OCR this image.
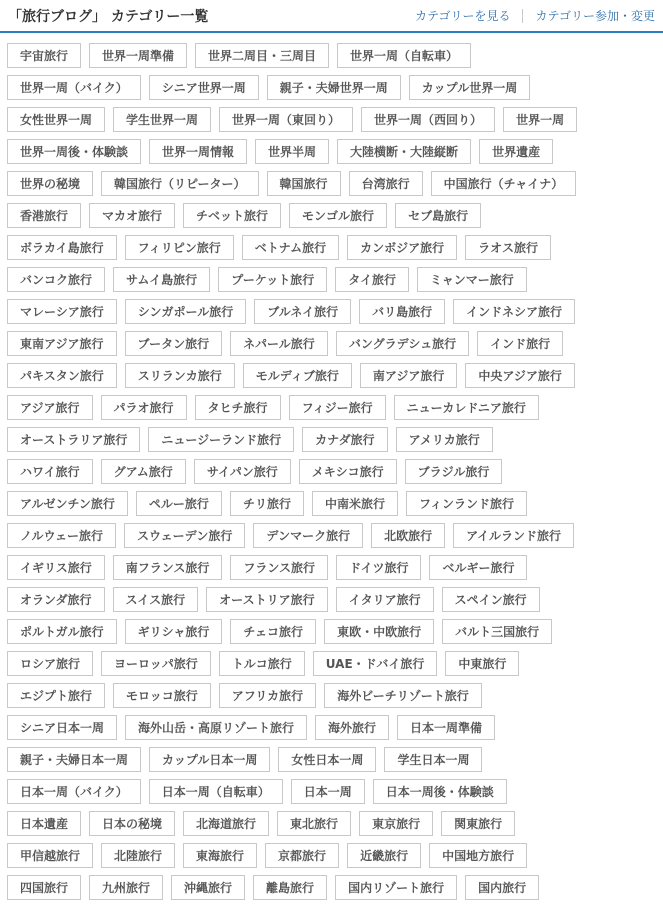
「旅行ブログ」 カテゴリー一覧	カテゴリーを見る カテゴリー参加・変更
宇宙旅行	世界一周準備	世界二周目・三周目	世界一周（自転車）
世界一周（バイク）	シニア世界一周	親子・夫婦世界一周	カップル世界一周
女性世界一周	学生世界一周	世界一周（東回り）	世界一周（西回り）	世界一周
世界一周後・体験談	世界一周情報	世界半周	大陸横断・大陸縦断	世界遺産
世界の秘境	韓国旅行（リピーター）	韓国旅行	台湾旅行	中国旅行（チャイナ）
香港旅行	マカオ旅行	チベット旅行	モンゴル旅行	セブ島旅行
ボラカイ島旅行	フィリピン旅行	ベトナム旅行	カンボジア旅行	ラオス旅行
バンコク旅行	サムイ島旅行	プーケット旅行	タイ旅行	ミャンマー旅行
マレーシア旅行	シンガポール旅行	ブルネイ旅行	バリ島旅行	インドネシア旅行
東南アジア旅行	ブータン旅行	ネパール旅行	バングラデシュ旅行	インド旅行
パキスタン旅行	スリランカ旅行	モルディブ旅行	南アジア旅行	中央アジア旅行
アジア旅行	パラオ旅行	タヒチ旅行	フィジー旅行	ニューカレドニア旅行
オーストラリア旅行	ニュージーランド旅行	カナダ旅行	アメリカ旅行
ハワイ旅行	グアム旅行	サイパン旅行	メキシコ旅行	ブラジル旅行
アルゼンチン旅行	ペルー旅行	チリ旅行	中南米旅行	フィンランド旅行
ノルウェー旅行	スウェーデン旅行	デンマーク旅行	北欧旅行	アイルランド旅行
イギリス旅行	南フランス旅行	フランス旅行	ドイツ旅行	ベルギー旅行
オランダ旅行	スイス旅行	オーストリア旅行	イタリア旅行	スペイン旅行
ポルトガル旅行	ギリシャ旅行	チェコ旅行	東欧・中欧旅行	バルト三国旅行
ロシア旅行	ヨーロッパ旅行	トルコ旅行	UAE・ドバイ旅行	中東旅行
エジプト旅行	モロッコ旅行	アフリカ旅行	海外ビーチリゾート旅行
シニア日本一周	海外山岳・高原リゾート旅行	海外旅行	日本一周準備
親子・夫婦日本一周	カップル日本一周	女性日本一周	学生日本一周
日本一周（バイク）	日本一周（自転車）	日本一周	日本一周後・体験談
日本遺産	日本の秘境	北海道旅行	東北旅行	東京旅行	関東旅行
甲信越旅行	北陸旅行	東海旅行	京都旅行	近畿旅行	中国地方旅行
四国旅行	九州旅行	沖縄旅行	離島旅行	国内リゾート旅行	国内旅行
